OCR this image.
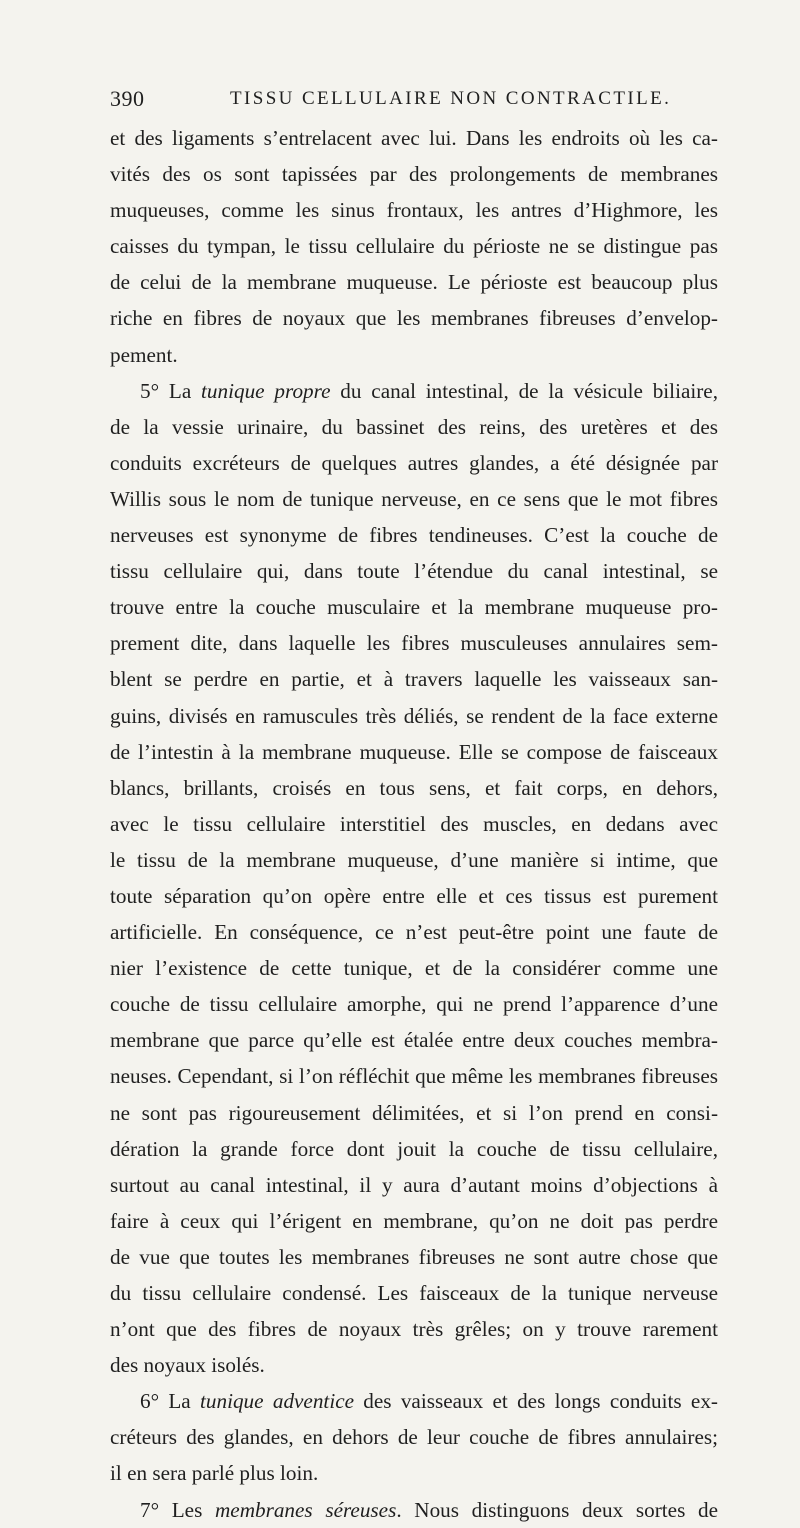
390	TISSU CELLULAIRE NON CONTRACTILE.
et des ligaments s’entrelacent avec lui. Dans les endroits où les ca-
vités des os sont tapissées par des prolongements de membranes
muqueuses, comme les sinus frontaux, les antres d’Highmore, les
caisses du tympan, le tissu cellulaire du périoste ne se distingue pas
de celui de la membrane muqueuse. Le périoste est beaucoup plus
riche en fibres de noyaux que les membranes fibreuses d’envelop-
pement.
5° La tunique propre du canal intestinal, de la vésicule biliaire,
de la vessie urinaire, du bassinet des reins, des uretères et des
conduits excréteurs de quelques autres glandes, a été désignée par
Willis sous le nom de tunique nerveuse, en ce sens que le mot fibres
nerveuses est synonyme de fibres tendineuses. C’est la couche de
tissu cellulaire qui, dans toute l’étendue du canal intestinal, se
trouve entre la couche musculaire et la membrane muqueuse pro-
prement dite, dans laquelle les fibres musculeuses annulaires sem-
blent se perdre en partie, et à travers laquelle les vaisseaux san-
guins, divisés en ramuscules très déliés, se rendent de la face externe
de l’intestin à la membrane muqueuse. Elle se compose de faisceaux
blancs, brillants, croisés en tous sens, et fait corps, en dehors,
avec le tissu cellulaire interstitiel des muscles, en dedans avec
le tissu de la membrane muqueuse, d’une manière si intime, que
toute séparation qu’on opère entre elle et ces tissus est purement
artificielle. En conséquence, ce n’est peut-être point une faute de
nier l’existence de cette tunique, et de la considérer comme une
couche de tissu cellulaire amorphe, qui ne prend l’apparence d’une
membrane que parce qu’elle est étalée entre deux couches membra-
neuses. Cependant, si l’on réfléchit que même les membranes fibreuses
ne sont pas rigoureusement délimitées, et si l’on prend en consi-
dération la grande force dont jouit la couche de tissu cellulaire,
surtout au canal intestinal, il y aura d’autant moins d’objections à
faire à ceux qui l’érigent en membrane, qu’on ne doit pas perdre
de vue que toutes les membranes fibreuses ne sont autre chose que
du tissu cellulaire condensé. Les faisceaux de la tunique nerveuse
n’ont que des fibres de noyaux très grêles; on y trouve rarement
des noyaux isolés.
6° La tunique adventice des vaisseaux et des longs conduits ex-
créteurs des glandes, en dehors de leur couche de fibres annulaires;
il en sera parlé plus loin.
7° Les membranes séreuses. Nous distinguons deux sortes de
